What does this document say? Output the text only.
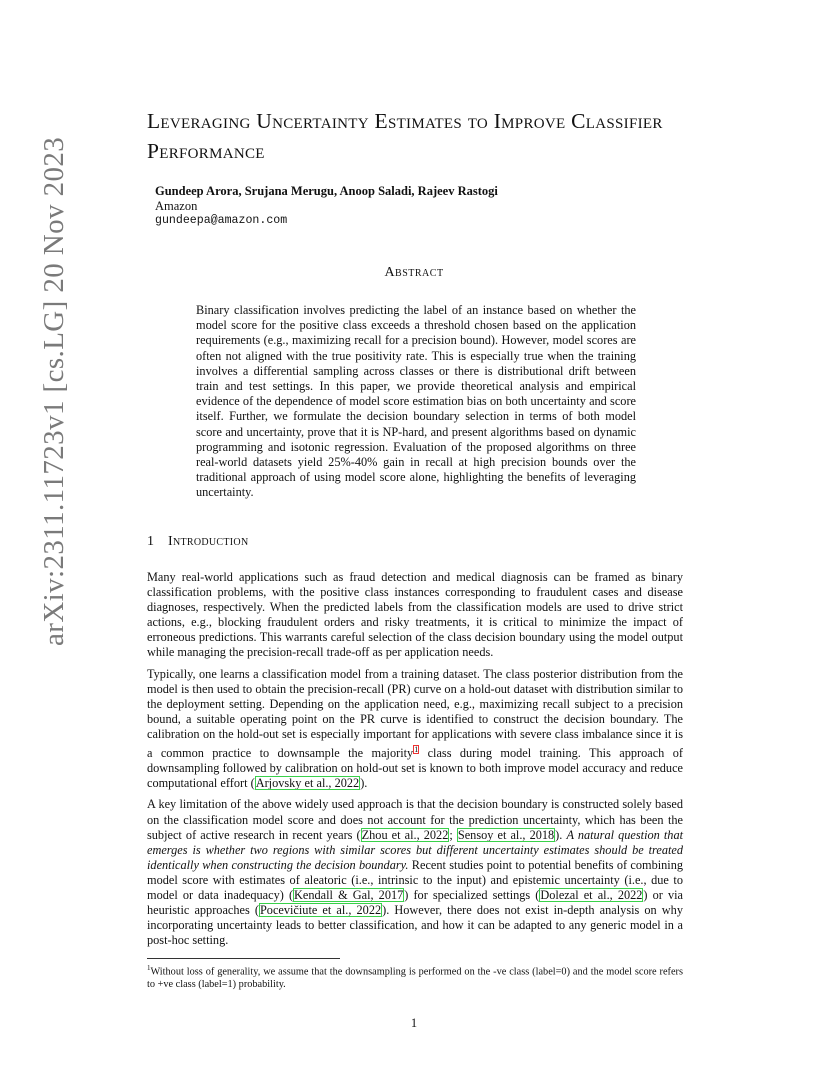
arXiv:2311.11723v1 [cs.LG] 20 Nov 2023
Leveraging Uncertainty Estimates to Improve Classifier Performance
Gundeep Arora, Srujana Merugu, Anoop Saladi, Rajeev Rastogi
Amazon
gundeepa@amazon.com
Abstract

Binary classification involves predicting the label of an instance based on whether the model score for the positive class exceeds a threshold chosen based on the application requirements (e.g., maximizing recall for a precision bound). However, model scores are often not aligned with the true positivity rate. This is especially true when the training involves a differential sampling across classes or there is distributional drift between train and test settings. In this paper, we provide theoretical analysis and empirical evidence of the dependence of model score estimation bias on both uncertainty and score itself. Further, we formulate the decision boundary selection in terms of both model score and uncertainty, prove that it is NP-hard, and present algorithms based on dynamic programming and isotonic regression. Evaluation of the proposed algorithms on three real-world datasets yield 25%-40% gain in recall at high precision bounds over the traditional approach of using model score alone, highlighting the benefits of leveraging uncertainty.

1 Introduction

Many real-world applications such as fraud detection and medical diagnosis can be framed as binary classification problems, with the positive class instances corresponding to fraudulent cases and disease diagnoses, respectively. When the predicted labels from the classification models are used to drive strict actions, e.g., blocking fraudulent orders and risky treatments, it is critical to minimize the impact of erroneous predictions. This warrants careful selection of the class decision boundary using the model output while managing the precision-recall trade-off as per application needs.

Typically, one learns a classification model from a training dataset. The class posterior distribution from the model is then used to obtain the precision-recall (PR) curve on a hold-out dataset with distribution similar to the deployment setting. Depending on the application need, e.g., maximizing recall subject to a precision bound, a suitable operating point on the PR curve is identified to construct the decision boundary. The calibration on the hold-out set is especially important for applications with severe class imbalance since it is a common practice to downsample the majority$^1$ class during model training. This approach of downsampling followed by calibration on hold-out set is known to both improve model accuracy and reduce computational effort (Arjovsky et al., 2022).

A key limitation of the above widely used approach is that the decision boundary is constructed solely based on the classification model score and does not account for the prediction uncertainty, which has been the subject of active research in recent years (Zhou et al., 2022; Sensoy et al., 2018). A natural question that emerges is whether two regions with similar scores but different uncertainty estimates should be treated identically when constructing the decision boundary. Recent studies point to potential benefits of combining model score with estimates of aleatoric (i.e., intrinsic to the input) and epistemic uncertainty (i.e., due to model or data inadequacy) (Kendall & Gal, 2017) for specialized settings (Dolezal et al., 2022) or via heuristic approaches (Pocevičiute et al., 2022). However, there does not exist in-depth analysis on why incorporating uncertainty leads to better classification, and how it can be adapted to any generic model in a post-hoc setting.

$^1$Without loss of generality, we assume that the downsampling is performed on the -ve class (label=0) and the model score refers to +ve class (label=1) probability.
1
